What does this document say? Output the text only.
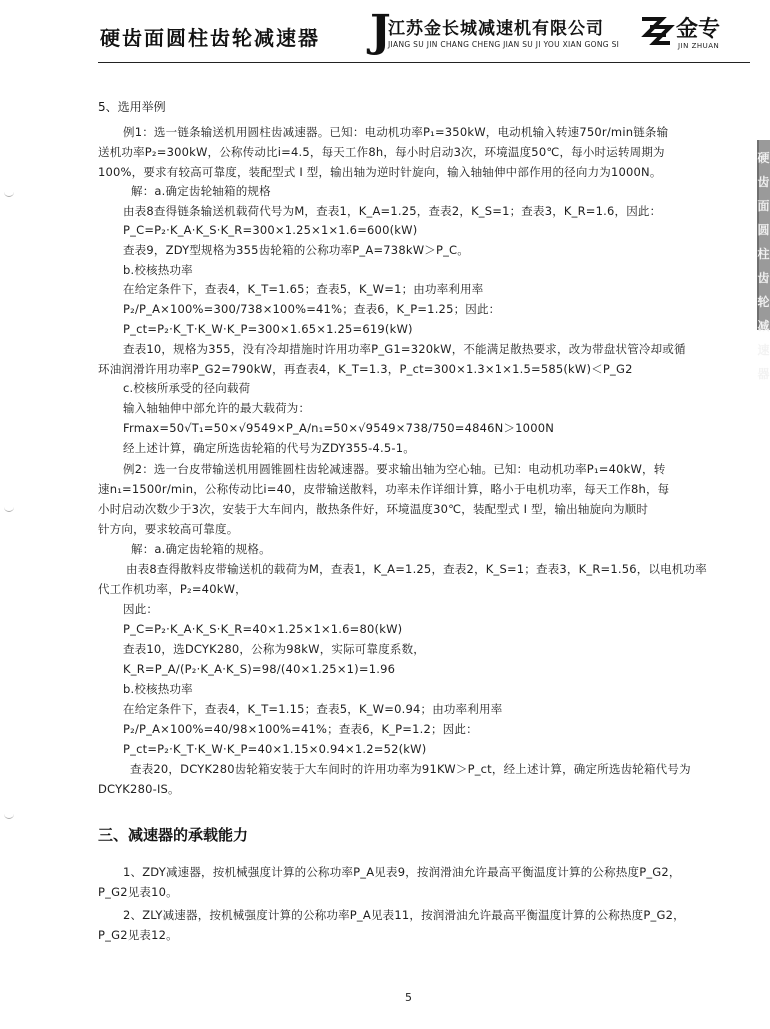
硬齿面圆柱齿轮减速器 J
江苏金长城减速机有限公司
JIANG SU JIN CHANG CHENG JIAN SU JI YOU XIAN GONG SI
金专
JIN ZHUAN
硬齿面圆柱齿轮减速器
5、选用举例
例1：选一链条输送机用圆柱齿减速器。已知：电动机功率P₁=350kW，电动机输入转速750r/min链条输
送机功率P₂=300kW，公称传动比i=4.5，每天工作8h，每小时启动3次，环境温度50℃，每小时运转周期为
100%，要求有较高可靠度，装配型式 I 型，输出轴为逆时针旋向，输入轴轴伸中部作用的径向力为1000N。
解：a.确定齿轮轴箱的规格
由表8查得链条输送机载荷代号为M，查表1，K_A=1.25，查表2，K_S=1；查表3，K_R=1.6，因此：
P_C=P₂·K_A·K_S·K_R=300×1.25×1×1.6=600(kW)
查表9，ZDY型规格为355齿轮箱的公称功率P_A=738kW＞P_C。
b.校核热功率
在给定条件下，查表4，K_T=1.65；查表5，K_W=1；由功率利用率
P₂/P_A×100%=300/738×100%=41%；查表6，K_P=1.25；因此：
P_ct=P₂·K_T·K_W·K_P=300×1.65×1.25=619(kW)
查表10，规格为355，没有冷却措施时许用功率P_G1=320kW，不能满足散热要求，改为带盘状管冷却或循
环油润滑许用功率P_G2=790kW，再查表4，K_T=1.3，P_ct=300×1.3×1×1.5=585(kW)＜P_G2
c.校核所承受的径向载荷
输入轴轴伸中部允许的最大载荷为：
Frmax=50√T₁=50×√9549×P_A/n₁=50×√9549×738/750=4846N＞1000N
经上述计算，确定所选齿轮箱的代号为ZDY355-4.5-1。
例2：选一台皮带输送机用圆锥圆柱齿轮减速器。要求输出轴为空心轴。已知：电动机功率P₁=40kW，转
速n₁=1500r/min，公称传动比i=40，皮带输送散料，功率未作详细计算，略小于电机功率，每天工作8h，每
小时启动次数少于3次，安装于大车间内，散热条件好，环境温度30℃，装配型式 I 型，输出轴旋向为顺时
针方向，要求较高可靠度。
解：a.确定齿轮箱的规格。
由表8查得散料皮带输送机的载荷为M，查表1，K_A=1.25，查表2，K_S=1；查表3，K_R=1.56，以电机功率
代工作机功率，P₂=40kW，
因此：
P_C=P₂·K_A·K_S·K_R=40×1.25×1×1.6=80(kW)
查表10，选DCYK280，公称为98kW，实际可靠度系数，
K_R=P_A/(P₂·K_A·K_S)=98/(40×1.25×1)=1.96
b.校核热功率
在给定条件下，查表4，K_T=1.15；查表5，K_W=0.94；由功率利用率
P₂/P_A×100%=40/98×100%=41%；查表6，K_P=1.2；因此：
P_ct=P₂·K_T·K_W·K_P=40×1.15×0.94×1.2=52(kW)
查表20，DCYK280齿轮箱安装于大车间时的许用功率为91KW＞P_ct，经上述计算，确定所选齿轮箱代号为
DCYK280-IS。
三、减速器的承载能力
1、ZDY减速器，按机械强度计算的公称功率P_A见表9，按润滑油允许最高平衡温度计算的公称热度P_G2，
P_G2见表10。
2、ZLY减速器，按机械强度计算的公称功率P_A见表11，按润滑油允许最高平衡温度计算的公称热度P_G2，
P_G2见表12。
5
